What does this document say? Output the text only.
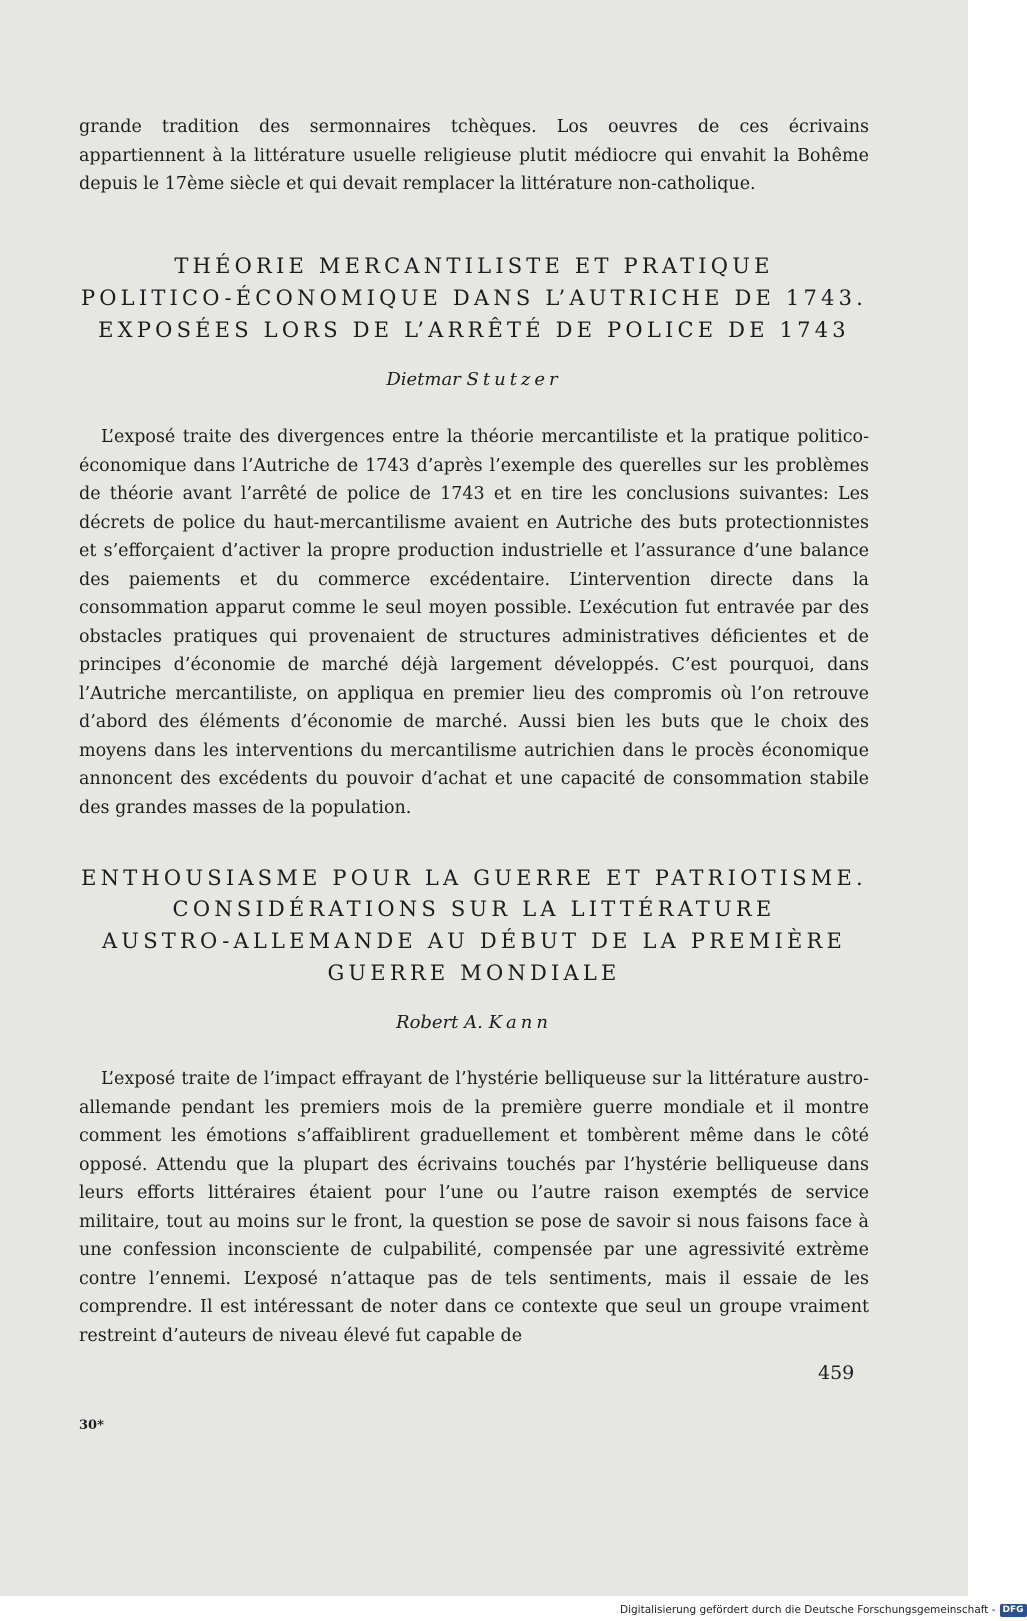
grande tradition des sermonnaires tchèques. Los oeuvres de ces écrivains appartiennent à la littérature usuelle religieuse plutit médiocre qui envahit la Bohême depuis le 17ème siècle et qui devait remplacer la littérature non-catholique.

THÉORIE MERCANTILISTE ET PRATIQUE
POLITICO-ÉCONOMIQUE DANS L’AUTRICHE DE 1743.
EXPOSÉES LORS DE L’ARRÊTÉ DE POLICE DE 1743

Dietmar Stutzer

L’exposé traite des divergences entre la théorie mercantiliste et la pratique politico-économique dans l’Autriche de 1743 d’après l’exemple des querelles sur les problèmes de théorie avant l’arrêté de police de 1743 et en tire les conclusions suivantes: Les décrets de police du haut-mercantilisme avaient en Autriche des buts protectionnistes et s’efforçaient d’activer la propre production industrielle et l’assurance d’une balance des paiements et du commerce excédentaire. L’intervention directe dans la consommation apparut comme le seul moyen possible. L’exécution fut entravée par des obstacles pratiques qui provenaient de structures administratives déficientes et de principes d’économie de marché déjà largement développés. C’est pourquoi, dans l’Autriche mercantiliste, on appliqua en premier lieu des compromis où l’on retrouve d’abord des éléments d’économie de marché. Aussi bien les buts que le choix des moyens dans les interventions du mercantilisme autrichien dans le procès économique annoncent des excédents du pouvoir d’achat et une capacité de consommation stabile des grandes masses de la population.

ENTHOUSIASME POUR LA GUERRE ET PATRIOTISME.
CONSIDÉRATIONS SUR LA LITTÉRATURE
AUSTRO-ALLEMANDE AU DÉBUT DE LA PREMIÈRE
GUERRE MONDIALE

Robert A. Kann

L’exposé traite de l’impact effrayant de l’hystérie belliqueuse sur la littérature austro-allemande pendant les premiers mois de la première guerre mondiale et il montre comment les émotions s’affaiblirent graduellement et tombèrent même dans le côté opposé. Attendu que la plupart des écrivains touchés par l’hystérie belliqueuse dans leurs efforts littéraires étaient pour l’une ou l’autre raison exemptés de service militaire, tout au moins sur le front, la question se pose de savoir si nous faisons face à une confession inconsciente de culpabilité, compensée par une agressivité extrème contre l’ennemi. L’exposé n’attaque pas de tels sentiments, mais il essaie de les comprendre. Il est intéressant de noter dans ce contexte que seul un groupe vraiment restreint d’auteurs de niveau élevé fut capable de

459
30*
Digitalisierung gefördert durch die Deutsche Forschungsgemeinschaft - DFG
